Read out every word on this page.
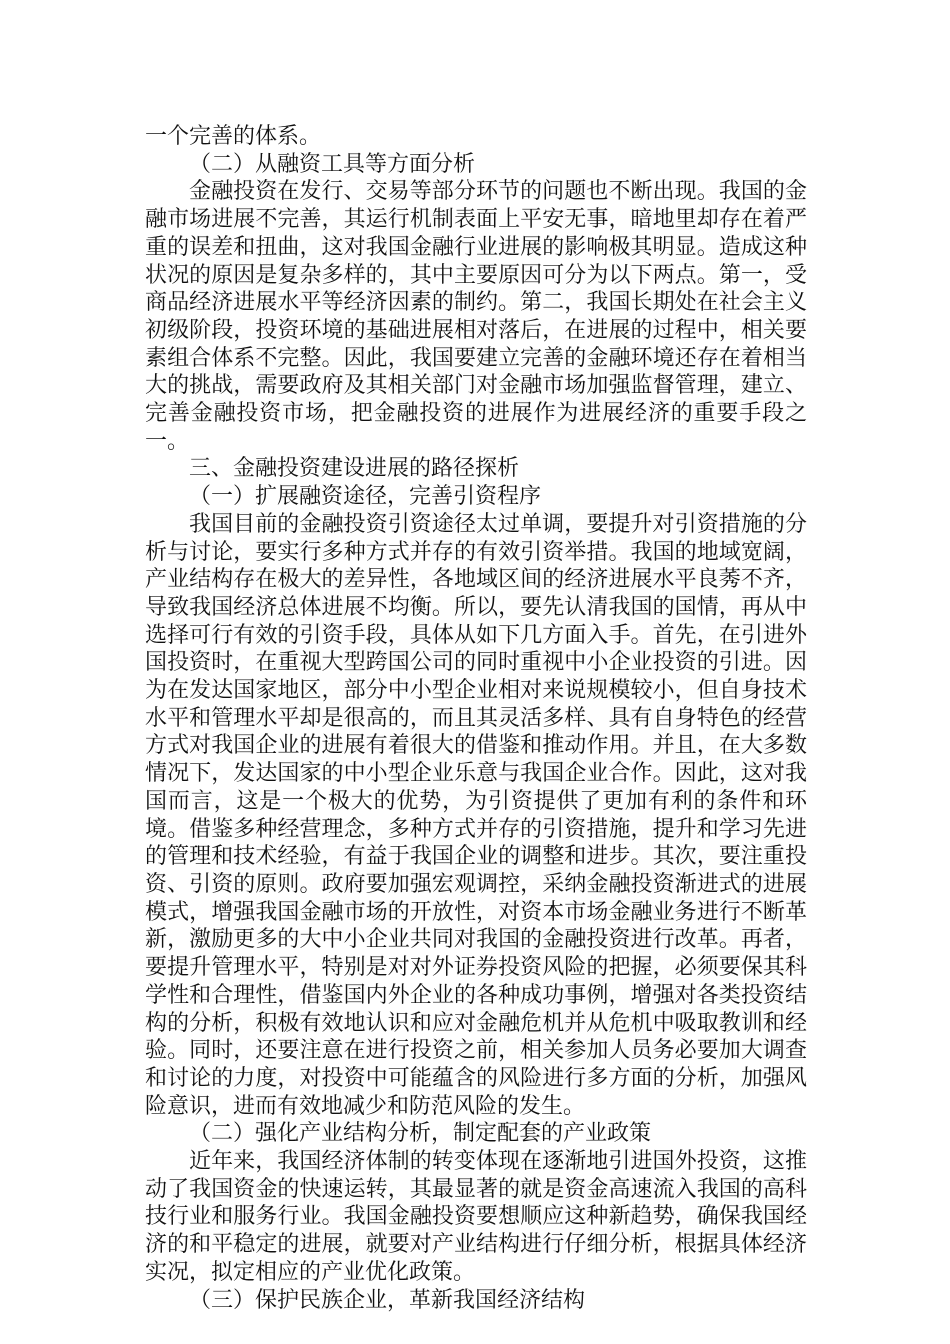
一个完善的体系。

（二）从融资工具等方面分析

金融投资在发行、交易等部分环节的问题也不断出现。我国的金融市场进展不完善，其运行机制表面上平安无事，暗地里却存在着严重的误差和扭曲，这对我国金融行业进展的影响极其明显。造成这种状况的原因是复杂多样的，其中主要原因可分为以下两点。第一，受商品经济进展水平等经济因素的制约。第二，我国长期处在社会主义初级阶段，投资环境的基础进展相对落后，在进展的过程中，相关要素组合体系不完整。因此，我国要建立完善的金融环境还存在着相当大的挑战，需要政府及其相关部门对金融市场加强监督管理，建立、完善金融投资市场，把金融投资的进展作为进展经济的重要手段之一。

三、金融投资建设进展的路径探析

（一）扩展融资途径，完善引资程序

我国目前的金融投资引资途径太过单调，要提升对引资措施的分析与讨论，要实行多种方式并存的有效引资举措。我国的地域宽阔，产业结构存在极大的差异性，各地域区间的经济进展水平良莠不齐，导致我国经济总体进展不均衡。所以，要先认清我国的国情，再从中选择可行有效的引资手段，具体从如下几方面入手。首先，在引进外国投资时，在重视大型跨国公司的同时重视中小企业投资的引进。因为在发达国家地区，部分中小型企业相对来说规模较小，但自身技术水平和管理水平却是很高的，而且其灵活多样、具有自身特色的经营方式对我国企业的进展有着很大的借鉴和推动作用。并且，在大多数情况下，发达国家的中小型企业乐意与我国企业合作。因此，这对我国而言，这是一个极大的优势，为引资提供了更加有利的条件和环境。借鉴多种经营理念，多种方式并存的引资措施，提升和学习先进的管理和技术经验，有益于我国企业的调整和进步。其次，要注重投资、引资的原则。政府要加强宏观调控，采纳金融投资渐进式的进展模式，增强我国金融市场的开放性，对资本市场金融业务进行不断革新，激励更多的大中小企业共同对我国的金融投资进行改革。再者，要提升管理水平，特别是对对外证券投资风险的把握，必须要保其科学性和合理性，借鉴国内外企业的各种成功事例，增强对各类投资结构的分析，积极有效地认识和应对金融危机并从危机中吸取教训和经验。同时，还要注意在进行投资之前，相关参加人员务必要加大调查和讨论的力度，对投资中可能蕴含的风险进行多方面的分析，加强风险意识，进而有效地减少和防范风险的发生。

（二）强化产业结构分析，制定配套的产业政策

近年来，我国经济体制的转变体现在逐渐地引进国外投资，这推动了我国资金的快速运转，其最显著的就是资金高速流入我国的高科技行业和服务行业。我国金融投资要想顺应这种新趋势，确保我国经济的和平稳定的进展，就要对产业结构进行仔细分析，根据具体经济实况，拟定相应的产业优化政策。

（三）保护民族企业，革新我国经济结构
